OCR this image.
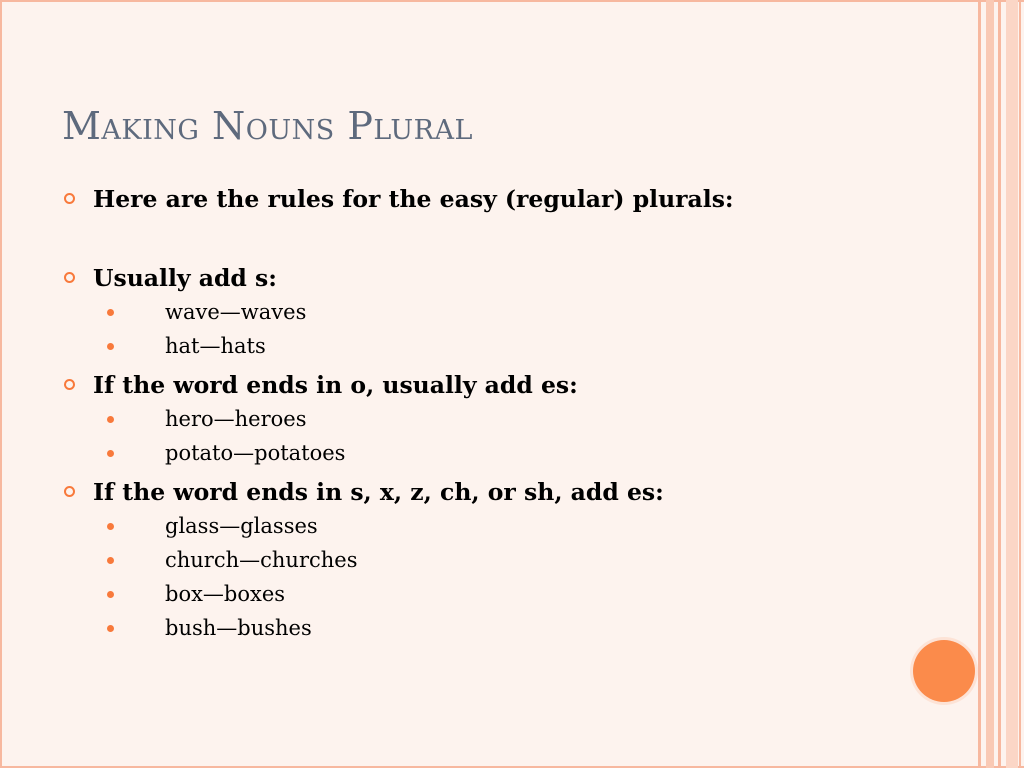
Making Nouns Plural

Here are the rules for the easy (regular) plurals:

Usually add s:

wave—waves

hat—hats

If the word ends in o, usually add es:

hero—heroes

potato—potatoes

If the word ends in s, x, z, ch, or sh, add es:

glass—glasses

church—churches

box—boxes

bush—bushes
